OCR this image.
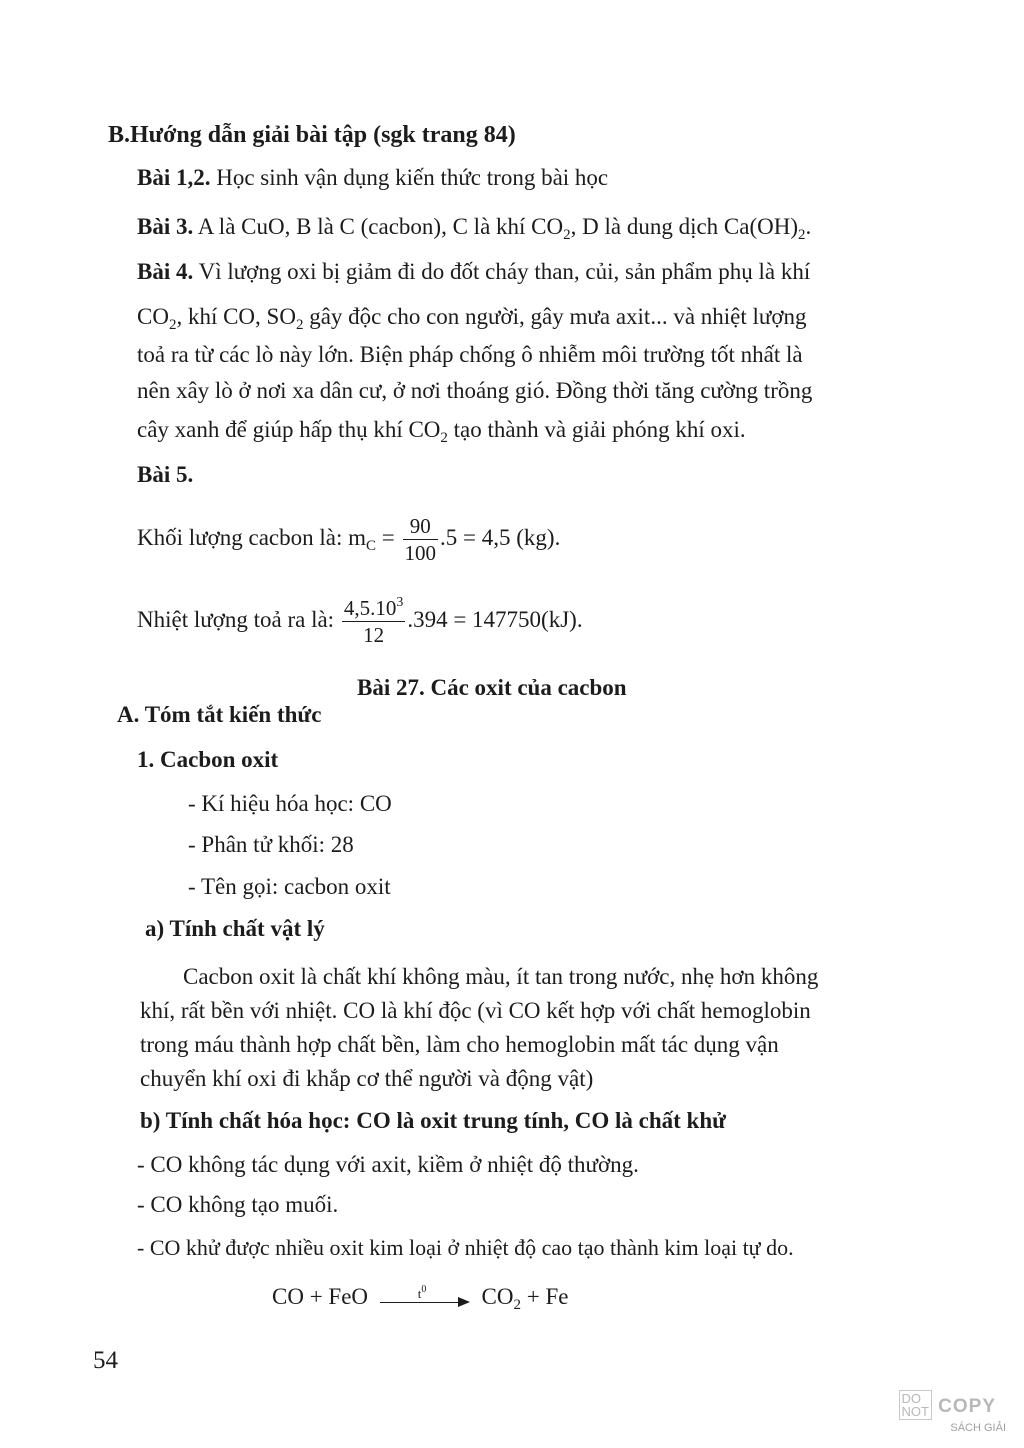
B.Hướng dẫn giải bài tập (sgk trang 84)
Bài 1,2. Học sinh vận dụng kiến thức trong bài học
Bài 3. A là CuO, B là C (cacbon), C là khí $CO_2$, D là dung dịch $Ca(OH)_2$.
Bài 4. Vì lượng oxi bị giảm đi do đốt cháy than, củi, sản phẩm phụ là khí
$CO_2$, khí CO, $SO_2$ gây độc cho con người, gây mưa axit... và nhiệt lượng
toả ra từ các lò này lớn. Biện pháp chống ô nhiễm môi trường tốt nhất là
nên xây lò ở nơi xa dân cư, ở nơi thoáng gió. Đồng thời tăng cường trồng
cây xanh để giúp hấp thụ khí $CO_2$ tạo thành và giải phóng khí oxi.
Bài 5.
Khối lượng cacbon là: $m_C = \frac{90}{100} .5 = 4,5$ (kg).
Nhiệt lượng toả ra là: $\frac{4,5.10^3}{12} .394 = 147750(kJ)$.
Bài 27. Các oxit của cacbon
A. Tóm tắt kiến thức
1. Cacbon oxit
- Kí hiệu hóa học: CO
- Phân tử khối: 28
- Tên gọi: cacbon oxit
a) Tính chất vật lý
Cacbon oxit là chất khí không màu, ít tan trong nước, nhẹ hơn không
khí, rất bền với nhiệt. CO là khí độc (vì CO kết hợp với chất hemoglobin
trong máu thành hợp chất bền, làm cho hemoglobin mất tác dụng vận
chuyển khí oxi đi khắp cơ thể người và động vật)
b) Tính chất hóa học: CO là oxit trung tính, CO là chất khử
- CO không tác dụng với axit, kiềm ở nhiệt độ thường.
- CO không tạo muối.
- CO khử được nhiều oxit kim loại ở nhiệt độ cao tạo thành kim loại tự do.
CO + FeO	$t^0$ $CO_2 + Fe$
54
DO
NOT COPY
SÁCH GIẢI
